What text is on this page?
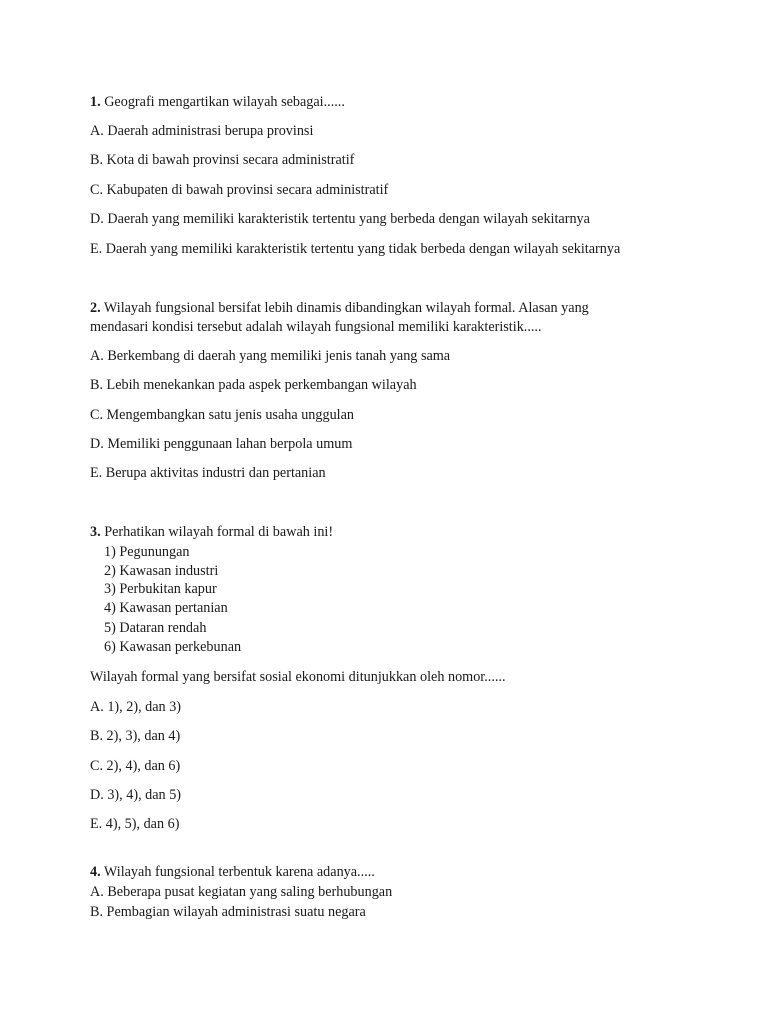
1. Geografi mengartikan wilayah sebagai......
A. Daerah administrasi berupa provinsi
B. Kota di bawah provinsi secara administratif
C. Kabupaten di bawah provinsi secara administratif
D. Daerah yang memiliki karakteristik tertentu yang berbeda dengan wilayah sekitarnya
E. Daerah yang memiliki karakteristik tertentu yang tidak berbeda dengan wilayah sekitarnya
2. Wilayah fungsional bersifat lebih dinamis dibandingkan wilayah formal. Alasan yang
mendasari kondisi tersebut adalah wilayah fungsional memiliki karakteristik.....
A. Berkembang di daerah yang memiliki jenis tanah yang sama
B. Lebih menekankan pada aspek perkembangan wilayah
C. Mengembangkan satu jenis usaha unggulan
D. Memiliki penggunaan lahan berpola umum
E. Berupa aktivitas industri dan pertanian
3. Perhatikan wilayah formal di bawah ini!
1) Pegunungan
2) Kawasan industri
3) Perbukitan kapur
4) Kawasan pertanian
5) Dataran rendah
6) Kawasan perkebunan
Wilayah formal yang bersifat sosial ekonomi ditunjukkan oleh nomor......
A. 1), 2), dan 3)
B. 2), 3), dan 4)
C. 2), 4), dan 6)
D. 3), 4), dan 5)
E. 4), 5), dan 6)
4. Wilayah fungsional terbentuk karena adanya.....
A. Beberapa pusat kegiatan yang saling berhubungan
B. Pembagian wilayah administrasi suatu negara
